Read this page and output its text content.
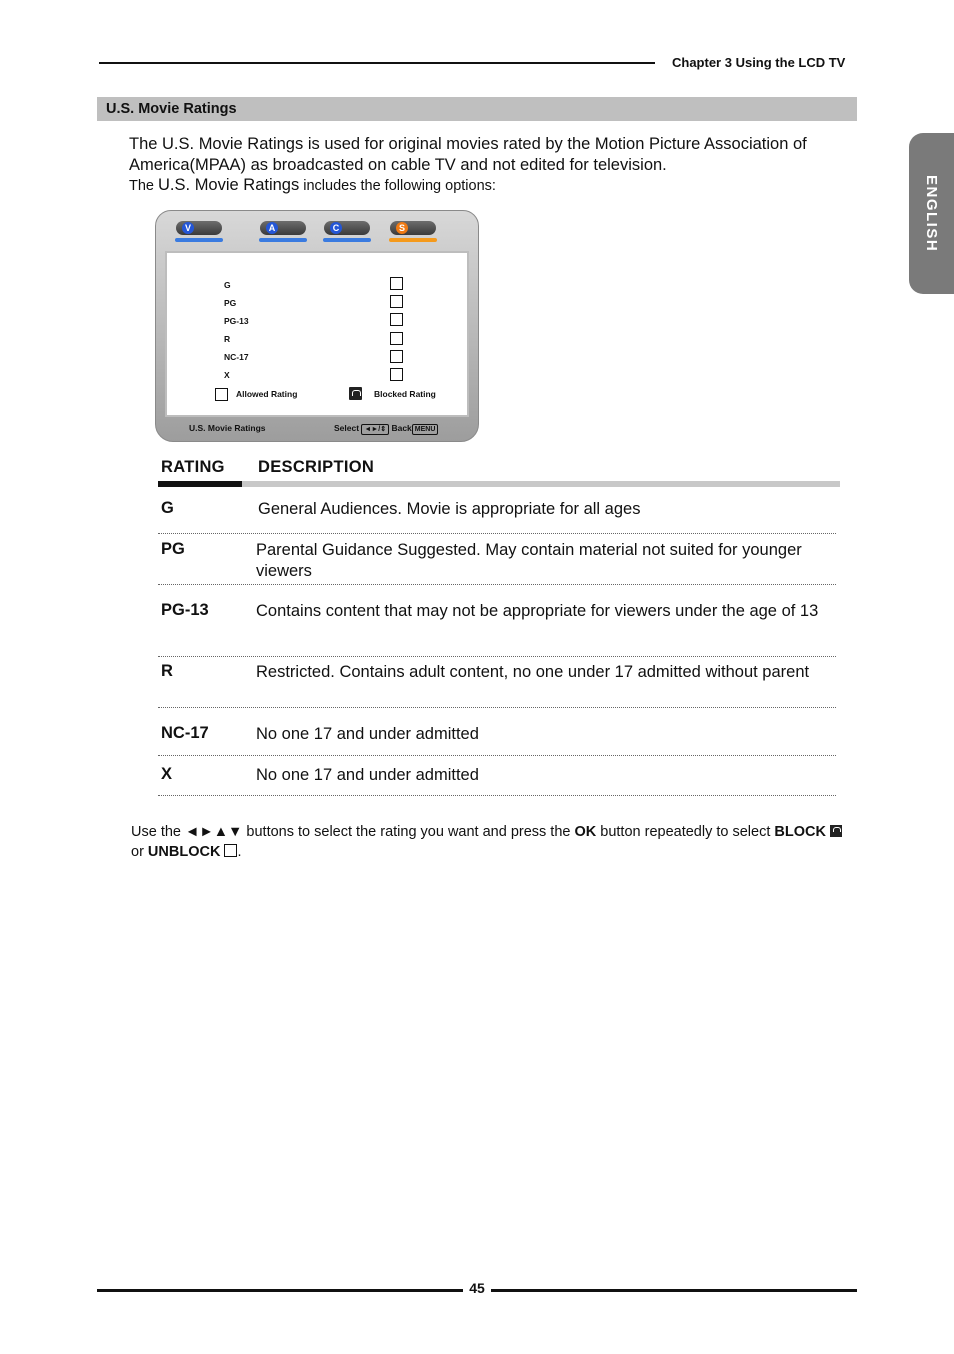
Chapter 3 Using the LCD TV
U.S. Movie Ratings
ENGLISH

The U.S. Movie Ratings is used for original movies rated by the Motion Picture Association of America(MPAA) as broadcasted on cable TV and not edited for television.

The U.S. Movie Ratings includes the following options:

V	A	C	S
G
PG
PG-13
R
NC-17
X
Allowed Rating	Blocked Rating
U.S. Movie Ratings	Select ◄►/⇕ Back MENU
RATING DESCRIPTION
G	General Audiences. Movie is appropriate for all ages
PG	Parental Guidance Suggested. May contain material not suited for younger viewers
PG-13	Contains content that may not be appropriate for viewers under the age of 13
R	Restricted. Contains adult content, no one under 17 admitted without parent
NC-17	No one 17 and under admitted
X	No one 17 and under admitted
Use the ◄►▲▼ buttons to select the rating you want and press the OK button repeatedly to select BLOCK  or UNBLOCK .
45
